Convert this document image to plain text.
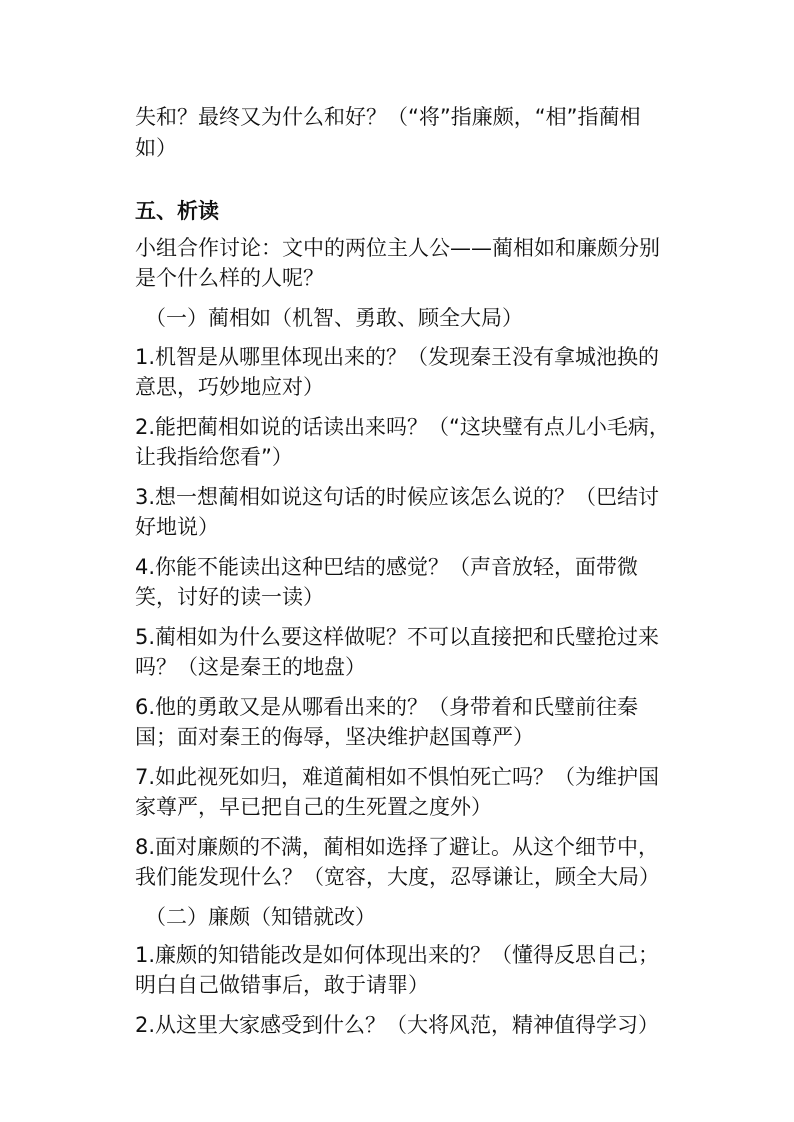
失和？最终又为什么和好？（“将”指廉颇，“相”指蔺相
如）
五、析读
小组合作讨论：文中的两位主人公——蔺相如和廉颇分别
是个什么样的人呢？
（一）蔺相如（机智、勇敢、顾全大局）
1.机智是从哪里体现出来的？（发现秦王没有拿城池换的
意思，巧妙地应对）
2.能把蔺相如说的话读出来吗？（“这块璧有点儿小毛病，
让我指给您看”）
3.想一想蔺相如说这句话的时候应该怎么说的？（巴结讨
好地说）
4.你能不能读出这种巴结的感觉？（声音放轻，面带微
笑，讨好的读一读）
5.蔺相如为什么要这样做呢？不可以直接把和氏璧抢过来
吗？（这是秦王的地盘）
6.他的勇敢又是从哪看出来的？（身带着和氏璧前往秦
国；面对秦王的侮辱，坚决维护赵国尊严）
7.如此视死如归，难道蔺相如不惧怕死亡吗？（为维护国
家尊严，早已把自己的生死置之度外）
8.面对廉颇的不满，蔺相如选择了避让。从这个细节中，
我们能发现什么？（宽容，大度，忍辱谦让，顾全大局）
（二）廉颇（知错就改）
1.廉颇的知错能改是如何体现出来的？（懂得反思自己；
明白自己做错事后，敢于请罪）
2.从这里大家感受到什么？（大将风范，精神值得学习）
